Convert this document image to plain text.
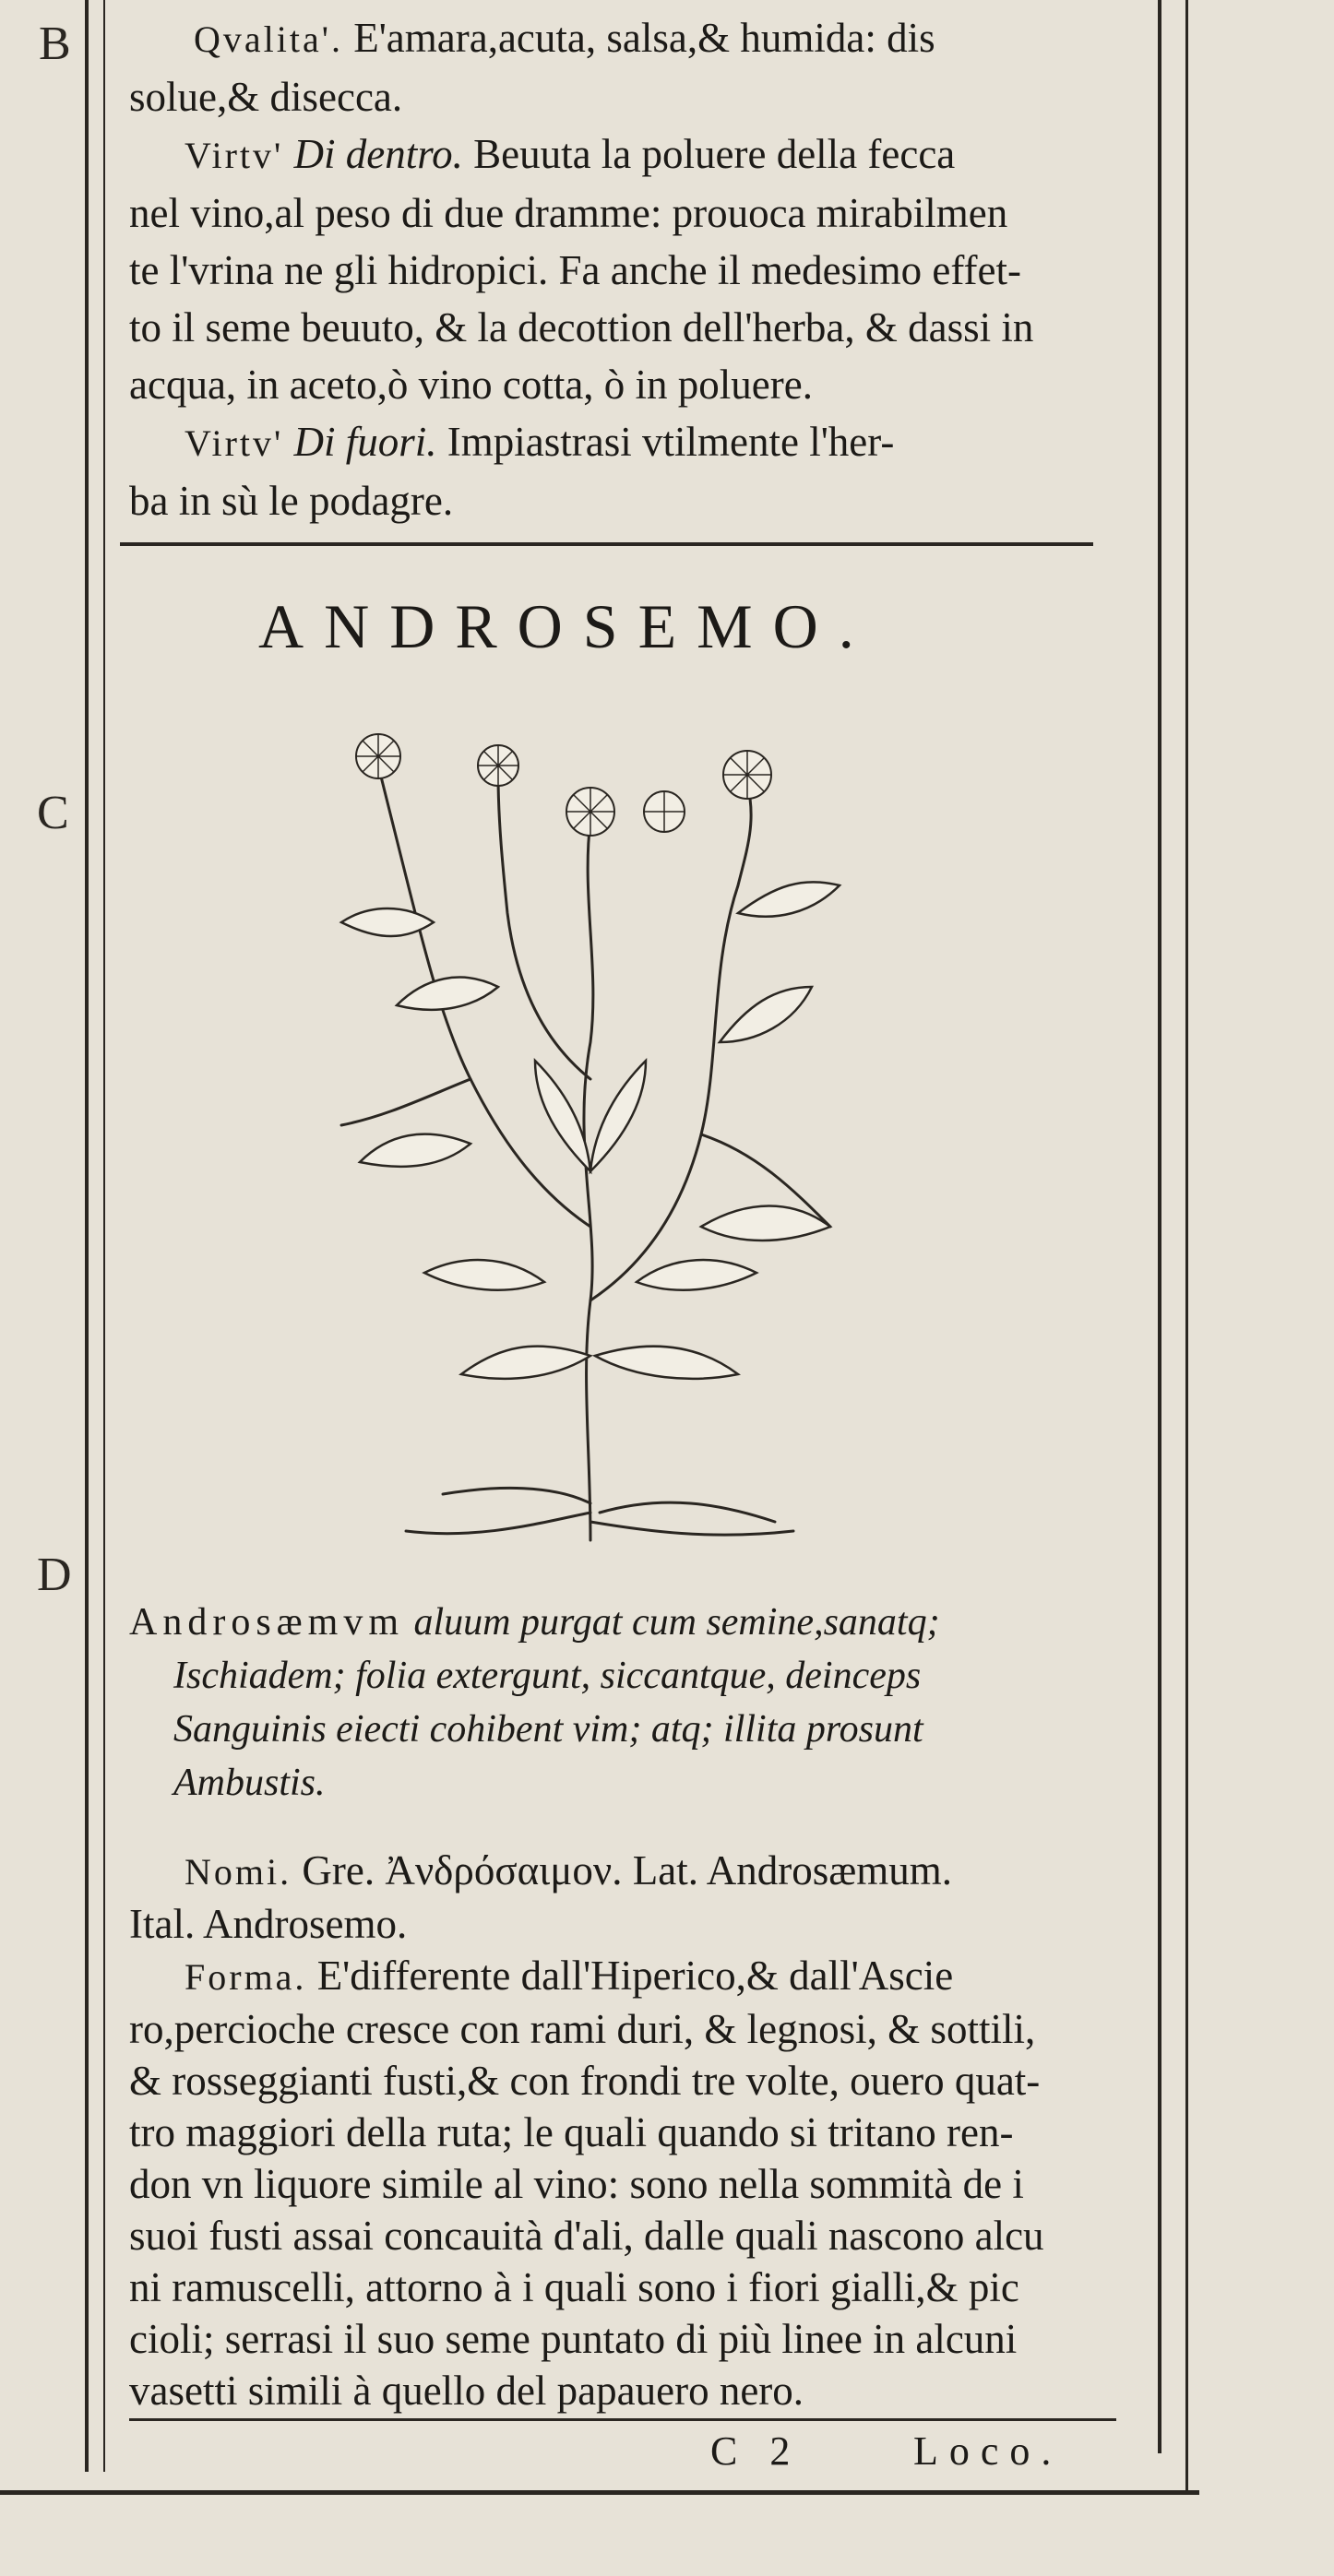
B
C
D
Qvalita'. E'amara,acuta, salsa,& humida: dis
solue,& disecca.
Virtv' Di dentro. Beuuta la poluere della fecca
nel vino,al peso di due dramme: prouoca mirabilmen
te l'vrina ne gli hidropici. Fa anche il medesimo effet-
to il seme beuuto, & la decottion dell'herba, & dassi in
acqua, in aceto,ò vino cotta, ò in poluere.
Virtv' Di fuori. Impiastrasi vtilmente l'her-
ba in sù le podagre.
ANDROSEMO.
Androsæmvm aluum purgat cum semine,sanatq;
Ischiadem; folia extergunt, siccantque, deinceps
Sanguinis eiecti cohibent vim; atq; illita prosunt
Ambustis.
Nomi. Gre. Ἀνδρόσαιμον. Lat. Androsæmum.
Ital. Androsemo.
Forma. E'differente dall'Hiperico,& dall'Ascie
ro,percioche cresce con rami duri, & legnosi, & sottili,
& rosseggianti fusti,& con frondi tre volte, ouero quat-
tro maggiori della ruta; le quali quando si tritano ren-
don vn liquore simile al vino: sono nella sommità de i
suoi fusti assai concauità d'ali, dalle quali nascono alcu
ni ramuscelli, attorno à i quali sono i fiori gialli,& pic
cioli; serrasi il suo seme puntato di più linee in alcuni
vasetti simili à quello del papauero nero.
C 2	Loco.
